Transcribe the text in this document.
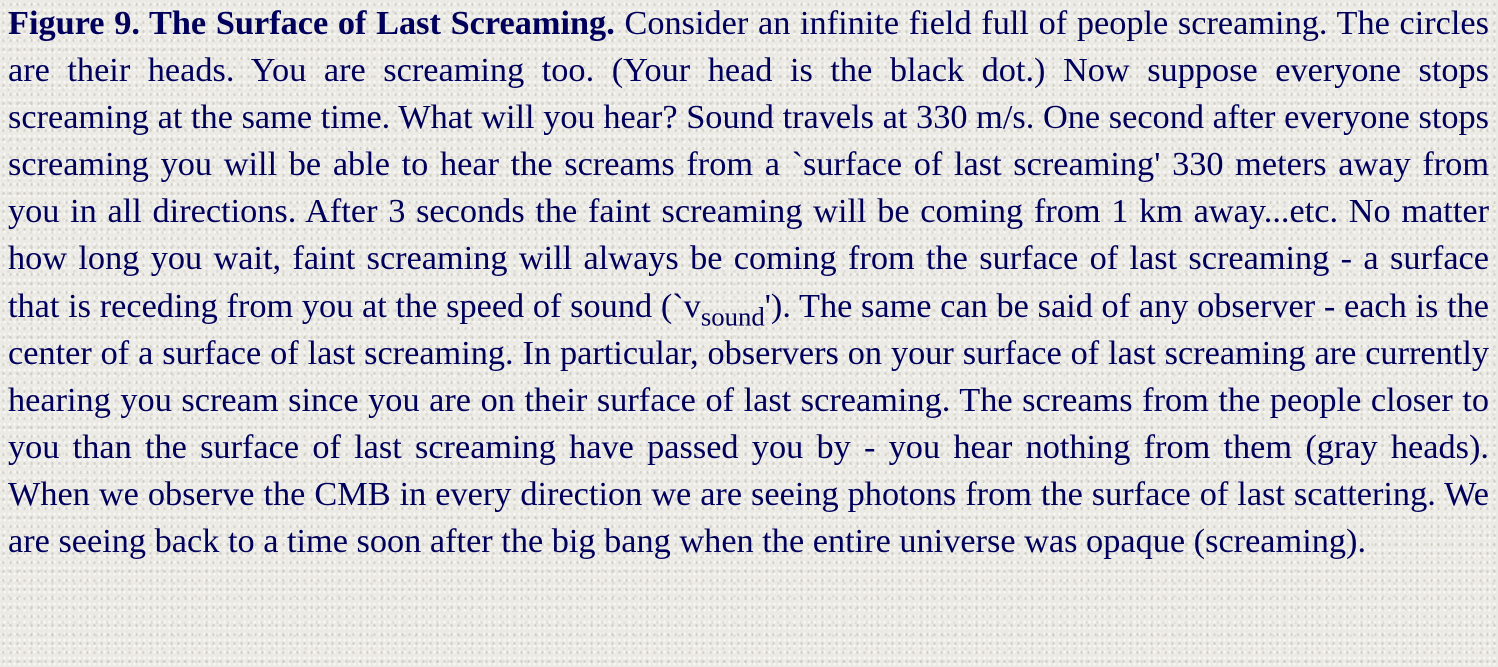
Figure 9. The Surface of Last Screaming. Consider an infinite field full of people screaming. The circles are their heads. You are screaming too. (Your head is the black dot.) Now suppose everyone stops screaming at the same time. What will you hear? Sound travels at 330 m/s. One second after everyone stops screaming you will be able to hear the screams from a `surface of last screaming' 330 meters away from you in all directions. After 3 seconds the faint screaming will be coming from 1 km away...etc. No matter how long you wait, faint screaming will always be coming from the surface of last screaming - a surface that is receding from you at the speed of sound $(`v_{sound}')$. The same can be said of any observer - each is the center of a surface of last screaming. In particular, observers on your surface of last screaming are currently hearing you scream since you are on their surface of last screaming. The screams from the people closer to you than the surface of last screaming have passed you by - you hear nothing from them (gray heads). When we observe the CMB in every direction we are seeing photons from the surface of last scattering. We are seeing back to a time soon after the big bang when the entire universe was opaque (screaming).
